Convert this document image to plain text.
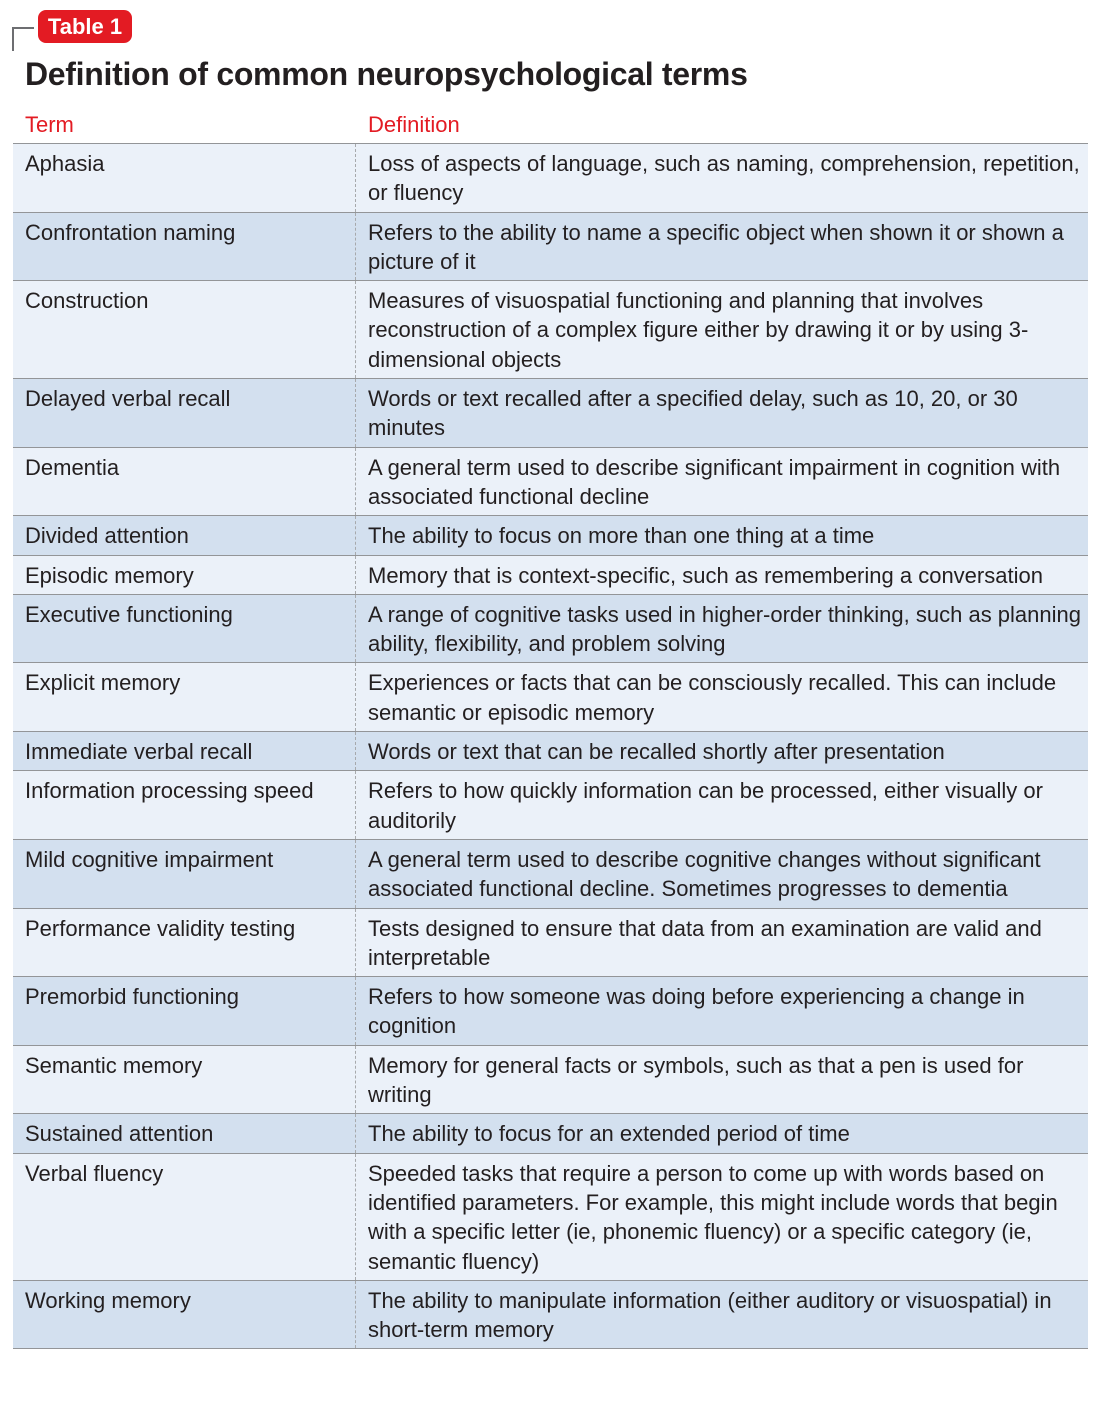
Table 1
Definition of common neuropsychological terms
Term	Definition
Aphasia	Loss of aspects of language, such as naming, comprehension, repetition, or fluency
Confrontation naming	Refers to the ability to name a specific object when shown it or shown a picture of it
Construction	Measures of visuospatial functioning and planning that involves reconstruction of a complex figure either by drawing it or by using 3-dimensional objects
Delayed verbal recall	Words or text recalled after a specified delay, such as 10, 20, or 30 minutes
Dementia	A general term used to describe significant impairment in cognition with associated functional decline
Divided attention	The ability to focus on more than one thing at a time
Episodic memory	Memory that is context-specific, such as remembering a conversation
Executive functioning	A range of cognitive tasks used in higher-order thinking, such as planning ability, flexibility, and problem solving
Explicit memory	Experiences or facts that can be consciously recalled. This can include semantic or episodic memory
Immediate verbal recall	Words or text that can be recalled shortly after presentation
Information processing speed	Refers to how quickly information can be processed, either visually or auditorily
Mild cognitive impairment	A general term used to describe cognitive changes without significant associated functional decline. Sometimes progresses to dementia
Performance validity testing	Tests designed to ensure that data from an examination are valid and interpretable
Premorbid functioning	Refers to how someone was doing before experiencing a change in cognition
Semantic memory	Memory for general facts or symbols, such as that a pen is used for writing
Sustained attention	The ability to focus for an extended period of time
Verbal fluency	Speeded tasks that require a person to come up with words based on identified parameters. For example, this might include words that begin with a specific letter (ie, phonemic fluency) or a specific category (ie, semantic fluency)
Working memory	The ability to manipulate information (either auditory or visuospatial) in short-term memory
